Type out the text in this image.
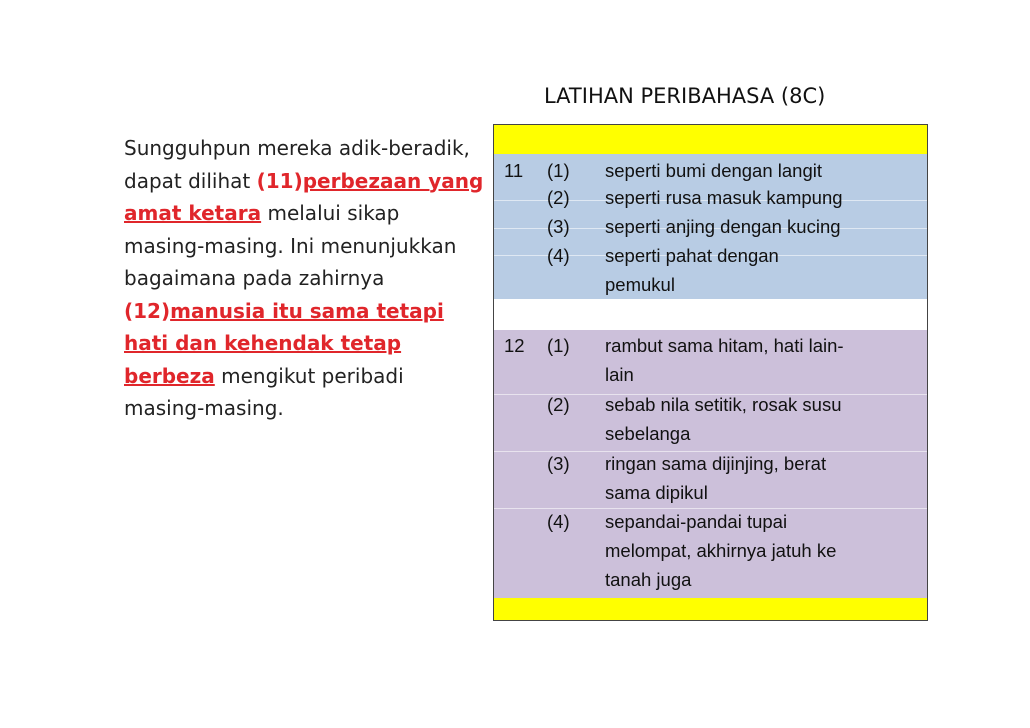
LATIHAN PERIBAHASA (8C)
Sungguhpun mereka adik-beradik, dapat dilihat (11)perbezaan yang amat ketara melalui sikap masing-masing. Ini menunjukkan bagaimana pada zahirnya (12)manusia itu sama tetapi hati dan kehendak tetap berbeza mengikut peribadi masing-masing.
11 (1) seperti bumi dengan langit
(2) seperti rusa masuk kampung
(3) seperti anjing dengan kucing
(4) seperti pahat dengan
pemukul
12 (1) rambut sama hitam, hati lain-
lain
(2) sebab nila setitik, rosak susu
sebelanga
(3) ringan sama dijinjing, berat
sama dipikul
(4) sepandai-pandai tupai
melompat, akhirnya jatuh ke
tanah juga
